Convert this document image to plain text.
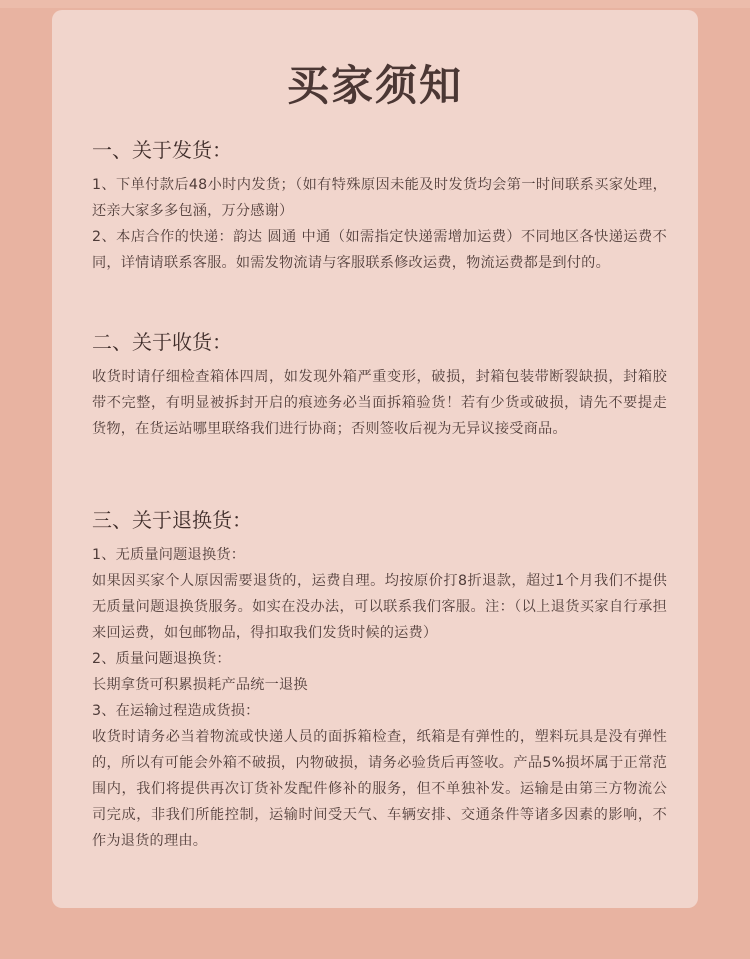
买家须知
一、关于发货：

1、下单付款后48小时内发货；（如有特殊原因未能及时发货均会第一时间联系买家处理，还亲大家多多包涵，万分感谢）

2、本店合作的快递：韵达 圆通 中通（如需指定快递需增加运费）不同地区各快递运费不同，详情请联系客服。如需发物流请与客服联系修改运费，物流运费都是到付的。

二、关于收货：

收货时请仔细检查箱体四周，如发现外箱严重变形，破损，封箱包装带断裂缺损，封箱胶带不完整，有明显被拆封开启的痕迹务必当面拆箱验货！若有少货或破损，请先不要提走货物，在货运站哪里联络我们进行协商；否则签收后视为无异议接受商品。

三、关于退换货：

1、无质量问题退换货：

如果因买家个人原因需要退货的，运费自理。均按原价打8折退款，超过1个月我们不提供无质量问题退换货服务。如实在没办法，可以联系我们客服。注：（以上退货买家自行承担来回运费，如包邮物品，得扣取我们发货时候的运费）

2、质量问题退换货：

长期拿货可积累损耗产品统一退换

3、在运输过程造成货损：

收货时请务必当着物流或快递人员的面拆箱检查，纸箱是有弹性的，塑料玩具是没有弹性的，所以有可能会外箱不破损，内物破损，请务必验货后再签收。产品5%损坏属于正常范围内，我们将提供再次订货补发配件修补的服务，但不单独补发。运输是由第三方物流公司完成，非我们所能控制，运输时间受天气、车辆安排、交通条件等诸多因素的影响，不作为退货的理由。
